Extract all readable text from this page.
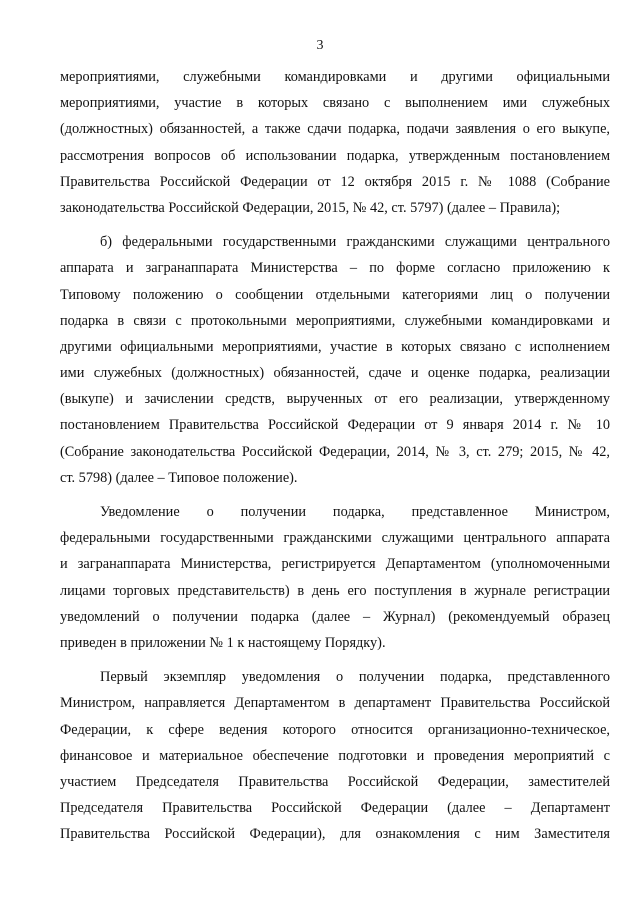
3
мероприятиями, служебными командировками и другими официальными
мероприятиями, участие в которых связано с выполнением ими служебных
(должностных) обязанностей, а также сдачи подарка, подачи заявления о его выкупе,
рассмотрения вопросов об использовании подарка, утвержденным постановлением
Правительства Российской Федерации от 12 октября 2015 г. № 1088 (Собрание
законодательства Российской Федерации, 2015, № 42, ст. 5797) (далее – Правила);
б) федеральными государственными гражданскими служащими центрального
аппарата и загранаппарата Министерства – по форме согласно приложению к
Типовому положению о сообщении отдельными категориями лиц о получении
подарка в связи с протокольными мероприятиями, служебными командировками и
другими официальными мероприятиями, участие в которых связано с исполнением
ими служебных (должностных) обязанностей, сдаче и оценке подарка, реализации
(выкупе) и зачислении средств, вырученных от его реализации, утвержденному
постановлением Правительства Российской Федерации от 9 января 2014 г. № 10
(Собрание законодательства Российской Федерации, 2014, № 3, ст. 279; 2015, № 42,
ст. 5798) (далее – Типовое положение).
Уведомление о получении подарка, представленное Министром,
федеральными государственными гражданскими служащими центрального аппарата
и загранаппарата Министерства, регистрируется Департаментом (уполномоченными
лицами торговых представительств) в день его поступления в журнале регистрации
уведомлений о получении подарка (далее – Журнал) (рекомендуемый образец
приведен в приложении № 1 к настоящему Порядку).
Первый экземпляр уведомления о получении подарка, представленного
Министром, направляется Департаментом в департамент Правительства Российской
Федерации, к сфере ведения которого относится организационно-техническое,
финансовое и материальное обеспечение подготовки и проведения мероприятий с
участием Председателя Правительства Российской Федерации, заместителей
Председателя Правительства Российской Федерации (далее – Департамент
Правительства Российской Федерации), для ознакомления с ним Заместителя
